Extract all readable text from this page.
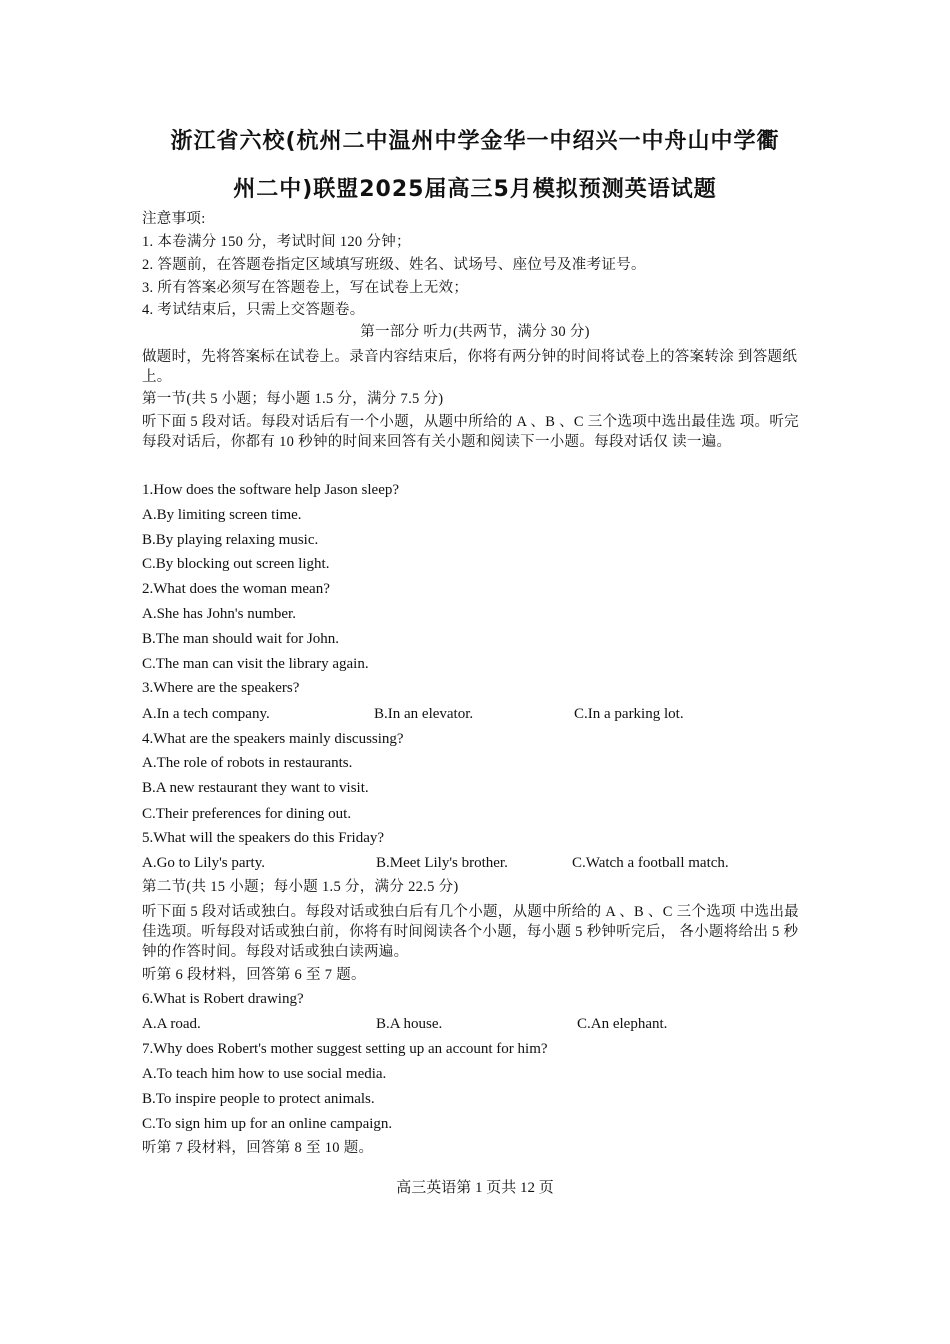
浙江省六校(杭州二中温州中学金华一中绍兴一中舟山中学衢
州二中)联盟2025届高三5月模拟预测英语试题

注意事项:

1. 本卷满分 150 分，考试时间 120 分钟；

2. 答题前，在答题卷指定区域填写班级、姓名、试场号、座位号及准考证号。

3. 所有答案必须写在答题卷上，写在试卷上无效；

4. 考试结束后，只需上交答题卷。

第一部分 听力(共两节，满分 30 分)

做题时，先将答案标在试卷上。录音内容结束后，你将有两分钟的时间将试卷上的答案转涂 到答题纸上。

第一节(共 5 小题；每小题 1.5 分，满分 7.5 分)

听下面 5 段对话。每段对话后有一个小题，从题中所给的 A 、B 、C 三个选项中选出最佳选 项。听完每段对话后，你都有 10 秒钟的时间来回答有关小题和阅读下一小题。每段对话仅 读一遍。

1.How does the software help Jason sleep?

A.By limiting screen time.

B.By playing relaxing music.

C.By blocking out screen light.

2.What does the woman mean?

A.She has John's number.

B.The man should wait for John.

C.The man can visit the library again.

3.Where are the speakers?

A.In a tech company.	B.In an elevator.	C.In a parking lot.

4.What are the speakers mainly discussing?

A.The role of robots in restaurants.

B.A new restaurant they want to visit.

C.Their preferences for dining out.

5.What will the speakers do this Friday?

A.Go to Lily's party.	B.Meet Lily's brother.	C.Watch a football match.

第二节(共 15 小题；每小题 1.5 分，满分 22.5 分)

听下面 5 段对话或独白。每段对话或独白后有几个小题，从题中所给的 A 、B 、C 三个选项 中选出最佳选项。听每段对话或独白前，你将有时间阅读各个小题，每小题 5 秒钟听完后， 各小题将给出 5 秒钟的作答时间。每段对话或独白读两遍。

听第 6 段材料，回答第 6 至 7 题。

6.What is Robert drawing?

A.A road.	B.A house.	C.An elephant.

7.Why does Robert's mother suggest setting up an account for him?

A.To teach him how to use social media.

B.To inspire people to protect animals.

C.To sign him up for an online campaign.

听第 7 段材料，回答第 8 至 10 题。

高三英语第 1 页共 12 页
